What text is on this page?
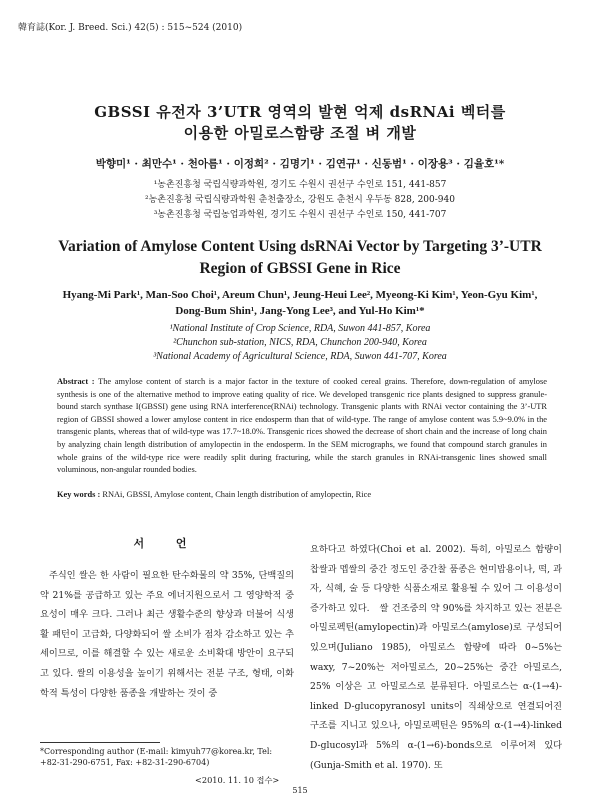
韓育誌(Kor. J. Breed. Sci.) 42(5) : 515~524 (2010)
GBSSI 유전자 3’UTR 영역의 발현 억제 dsRNAi 벡터를
이용한 아밀로스함량 조절 벼 개발
박향미¹ · 최만수¹ · 천아름¹ · 이정희² · 김명기¹ · 김연규¹ · 신동범¹ · 이장용³ · 김율호¹*
¹농촌진흥청 국립식량과학원, 경기도 수원시 권선구 수인로 151, 441-857
²농촌진흥청 국립식량과학원 춘천출장소, 강원도 춘천시 우두동 828, 200-940
³농촌진흥청 국립농업과학원, 경기도 수원시 권선구 수인로 150, 441-707
Variation of Amylose Content Using dsRNAi Vector by Targeting 3’-UTR
Region of GBSSI Gene in Rice
Hyang-Mi Park¹, Man-Soo Choi¹, Areum Chun¹, Jeung-Heui Lee², Myeong-Ki Kim¹, Yeon-Gyu Kim¹,
Dong-Bum Shin¹, Jang-Yong Lee³, and Yul-Ho Kim¹*
¹National Institute of Crop Science, RDA, Suwon 441-857, Korea
²Chunchon sub-station, NICS, RDA, Chunchon 200-940, Korea
³National Academy of Agricultural Science, RDA, Suwon 441-707, Korea
Abstract : The amylose content of starch is a major factor in the texture of cooked cereal grains. Therefore, down-regulation of amylose synthesis is one of the alternative method to improve eating quality of rice. We developed transgenic rice plants designed to suppress granule-bound starch synthase I(GBSSI) gene using RNA interference(RNAi) technology. Transgenic plants with RNAi vector containing the 3’-UTR region of GBSSI showed a lower amylose content in rice endosperm than that of wild-type. The range of amylose content was 5.9~9.0% in the transgenic plants, whereas that of wild-type was 17.7~18.0%. Transgenic rices showed the decrease of short chain and the increase of long chain by analyzing chain length distribution of amylopectin in the endosperm. In the SEM micrographs, we found that compound starch granules in whole grains of the wild-type rice were readily split during fracturing, while the starch granules in RNAi-transgenic lines showed small voluminous, non-angular rounded bodies.
Key words : RNAi, GBSSI, Amylose content, Chain length distribution of amylopectin, Rice
서 언
주식인 쌀은 한 사람이 필요한 탄수화물의 약 35%, 단백질의 약 21%를 공급하고 있는 주요 에너지원으로서 그 영양학적 중요성이 매우 크다. 그러나 최근 생활수준의 향상과 더불어 식생활 패턴이 고급화, 다양화되어 쌀 소비가 점차 감소하고 있는 추세이므로, 이를 해결할 수 있는 새로운 소비확대 방안이 요구되고 있다. 쌀의 이용성을 높이기 위해서는 전분 구조, 형태, 이화학적 특성이 다양한 품종을 개발하는 것이 중
요하다고 하였다(Choi et al. 2002). 특히, 아밀로스 함량이 찹쌀과 멥쌀의 중간 정도인 중간찰 품종은 현미밥용이나, 떡, 과자, 식혜, 술 등 다양한 식품소재로 활용될 수 있어 그 이용성이 증가하고 있다.　쌀 건조중의 약 90%를 차지하고 있는 전분은 아밀로펙틴(amylopectin)과 아밀로스(amylose)로 구성되어 있으며(Juliano 1985), 아밀로스 함량에 따라 0~5%는 waxy, 7~20%는 저아밀로스, 20~25%는 중간 아밀로스, 25% 이상은 고 아밀로스로 분류된다. 아밀로스는 α-(1→4)-linked D-glucopyranosyl units이 직쇄상으로 연결되어진 구조를 지니고 있으나, 아밀로펙틴은 95%의 α-(1→4)-linked D-glucosyl과 5%의 α-(1→6)-bonds으로 이루어져 있다(Gunja-Smith et al. 1970). 또
*Corresponding author (E-mail: kimyuh77@korea.kr, Tel: +82-31-290-6751, Fax: +82-31-290-6704)
<2010. 11. 10 접수>
515
